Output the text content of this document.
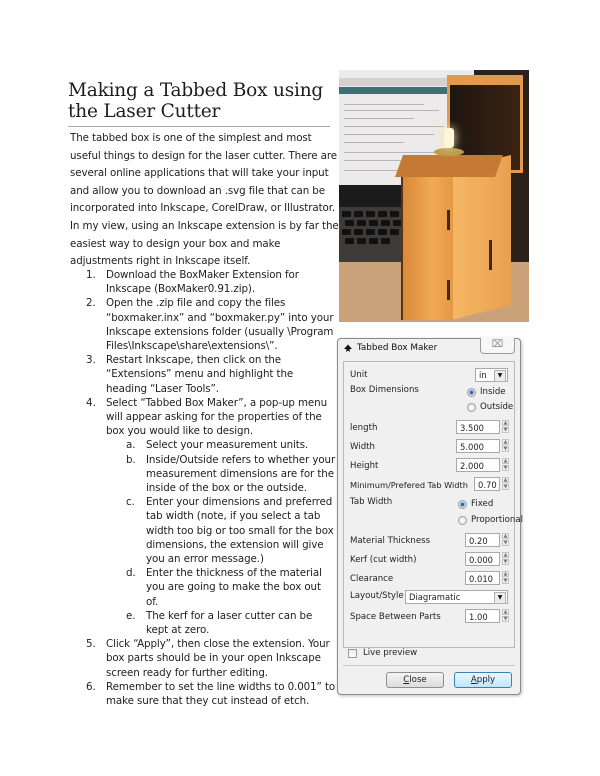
Making a Tabbed Box using the Laser Cutter
The tabbed box is one of the simplest and most useful things to design for the laser cutter. There are several online applications that will take your input and allow you to download an .svg file that can be incorporated into Inkscape, CorelDraw, or Illustrator. In my view, using an Inkscape extension is by far the easiest way to design your box and make adjustments right in Inkscape itself.
1. Download the BoxMaker Extension for Inkscape (BoxMaker0.91.zip).
2. Open the .zip file and copy the files “boxmaker.inx” and “boxmaker.py” into your Inkscape extensions folder (usually \Program Files\Inkscape\share\extensions\”.
3. Restart Inkscape, then click on the “Extensions” menu and highlight the heading “Laser Tools”.
4. Select “Tabbed Box Maker”, a pop-up menu will appear asking for the properties of the box you would like to design.
a. Select your measurement units.
b. Inside/Outside refers to whether your measurement dimensions are for the inside of the box or the outside.
c. Enter your dimensions and preferred tab width (note, if you select a tab width too big or too small for the box dimensions, the extension will give you an error message.)
d. Enter the thickness of the material you are going to make the box out of.
e. The kerf for a laser cutter can be kept at zero.
5. Click “Apply”, then close the extension. Your box parts should be in your open Inkscape screen ready for further editing.
6. Remember to set the line widths to 0.001” to make sure that they cut instead of etch.
Tabbed Box Maker	⌧
Unit	in	▼
Box Dimensions	Inside
Outside
length	3.500	▲
▼
Width	5.000	▲
▼
Height	2.000	▲
▼
Minimum/Prefered Tab Width	0.70	▲
▼
Tab Width	Fixed
Proportional
Material Thickness	0.20	▲
▼
Kerf (cut width)	0.000	▲
▼
Clearance	0.010	▲
▼
Layout/Style Diagramatic	▼
Space Between Parts	1.00	▲
▼
Live preview
Close	Apply
